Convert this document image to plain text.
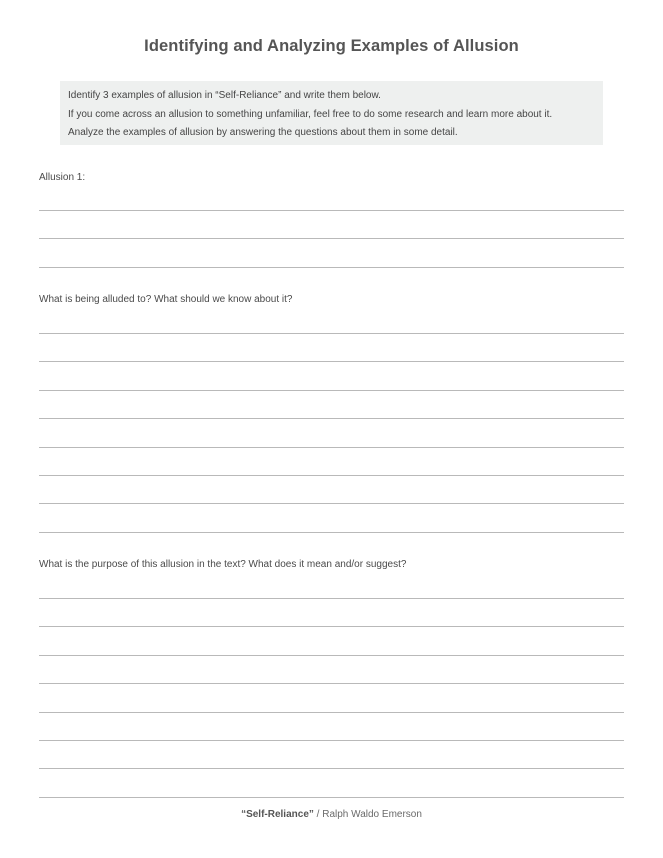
Identifying and Analyzing Examples of Allusion

Identify 3 examples of allusion in “Self-Reliance” and write them below.

If you come across an allusion to something unfamiliar, feel free to do some research and learn more about it.

Analyze the examples of allusion by answering the questions about them in some detail.

Allusion 1:

What is being alluded to? What should we know about it?

What is the purpose of this allusion in the text? What does it mean and/or suggest?

“Self-Reliance” / Ralph Waldo Emerson
